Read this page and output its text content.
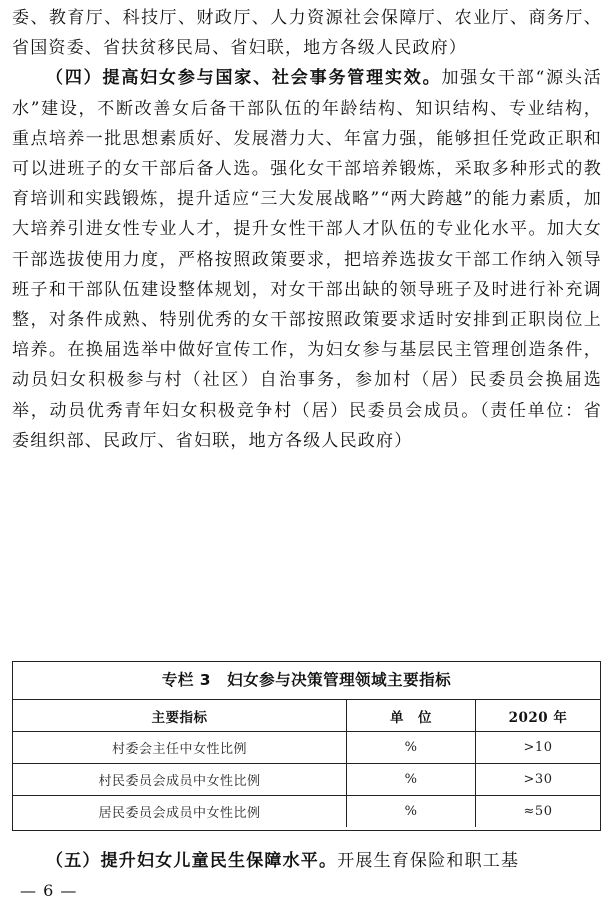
委、教育厅、科技厅、财政厅、人力资源社会保障厅、农业厅、商务厅、省国资委、省扶贫移民局、省妇联，地方各级人民政府）

（四）提高妇女参与国家、社会事务管理实效。加强女干部“源头活水”建设，不断改善女后备干部队伍的年龄结构、知识结构、专业结构，重点培养一批思想素质好、发展潜力大、年富力强，能够担任党政正职和可以进班子的女干部后备人选。强化女干部培养锻炼，采取多种形式的教育培训和实践锻炼，提升适应“三大发展战略”“两大跨越”的能力素质，加大培养引进女性专业人才，提升女性干部人才队伍的专业化水平。加大女干部选拔使用力度，严格按照政策要求，把培养选拔女干部工作纳入领导班子和干部队伍建设整体规划，对女干部出缺的领导班子及时进行补充调整，对条件成熟、特别优秀的女干部按照政策要求适时安排到正职岗位上培养。在换届选举中做好宣传工作，为妇女参与基层民主管理创造条件，动员妇女积极参与村（社区）自治事务，参加村（居）民委员会换届选举，动员优秀青年妇女积极竞争村（居）民委员会成员。（责任单位：省委组织部、民政厅、省妇联，地方各级人民政府）

专栏 3 妇女参与决策管理领域主要指标
主要指标	单　位	2020 年
村委会主任中女性比例	%	>10
村民委员会成员中女性比例	%	>30
居民委员会成员中女性比例	%	≈50

（五）提升妇女儿童民生保障水平。开展生育保险和职工基

— 6 —
